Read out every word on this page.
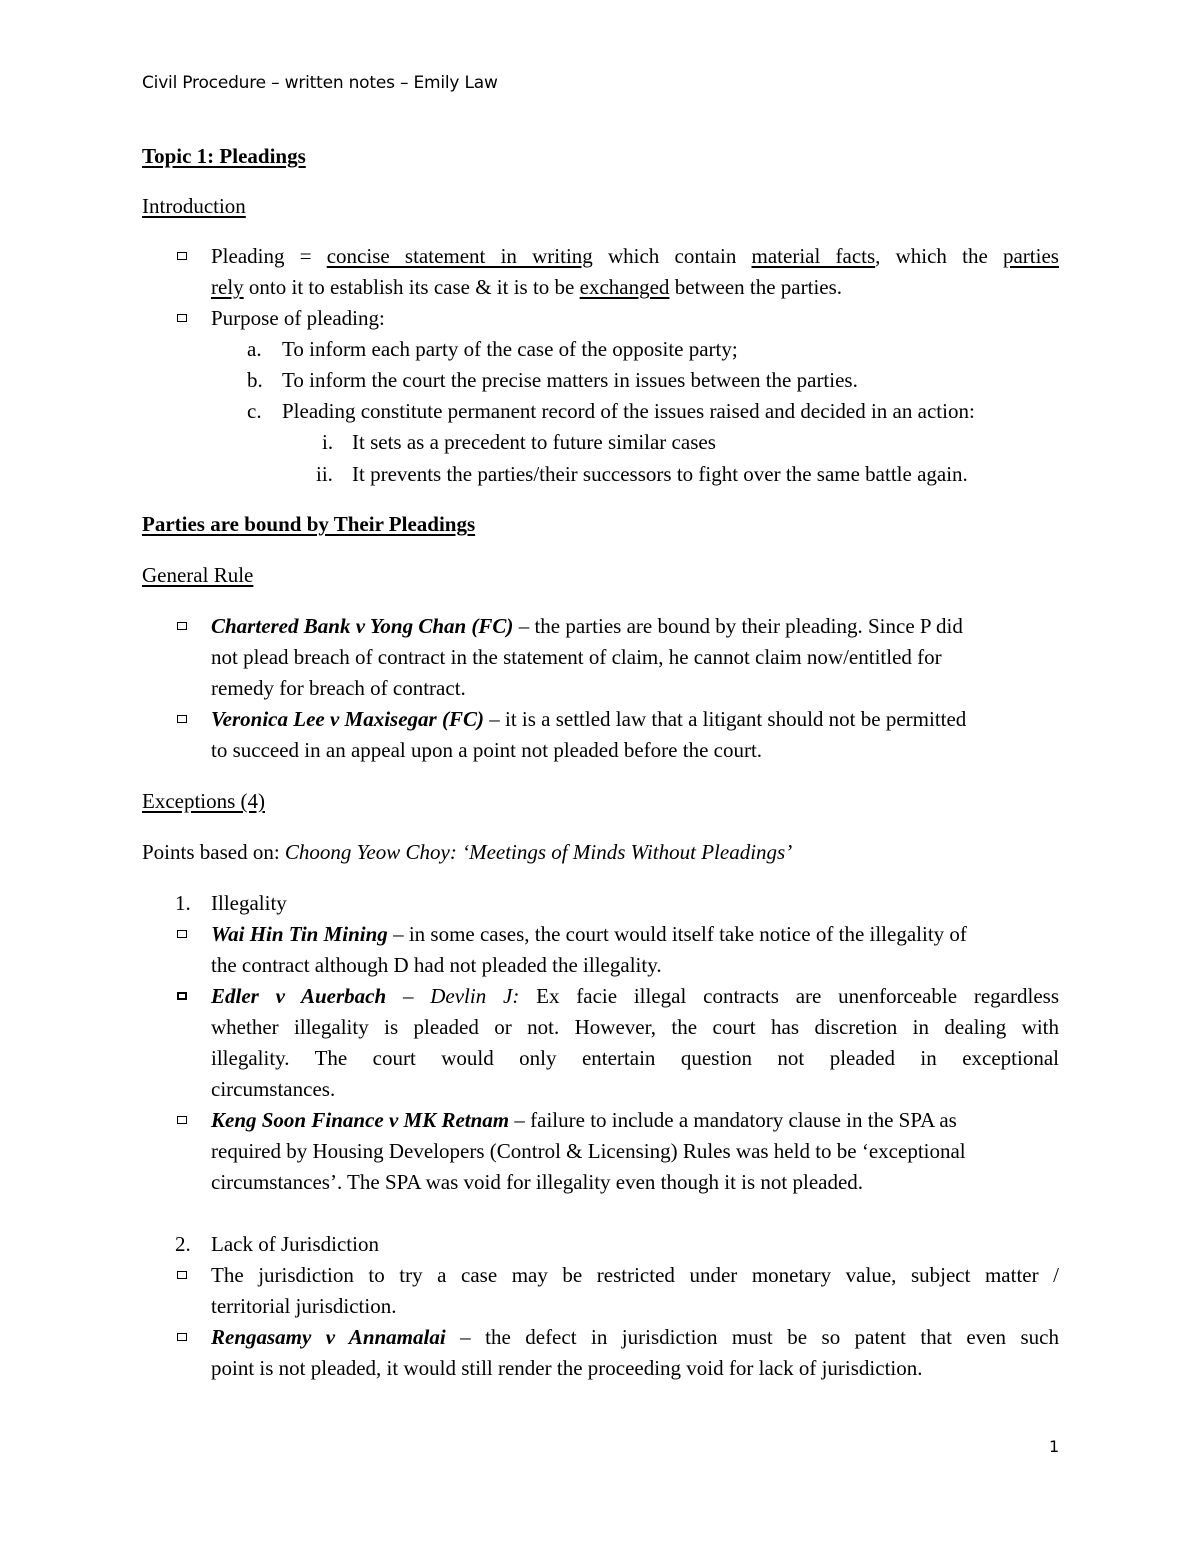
Civil Procedure – written notes – Emily Law
Topic 1: Pleadings
Introduction
Pleading = concise statement in writing which contain material facts, which the parties
rely onto it to establish its case & it is to be exchanged between the parties.
Purpose of pleading:
a. To inform each party of the case of the opposite party;
b. To inform the court the precise matters in issues between the parties.
c. Pleading constitute permanent record of the issues raised and decided in an action:
i. It sets as a precedent to future similar cases
ii. It prevents the parties/their successors to fight over the same battle again.
Parties are bound by Their Pleadings
General Rule
Chartered Bank v Yong Chan (FC) – the parties are bound by their pleading. Since P did
not plead breach of contract in the statement of claim, he cannot claim now/entitled for
remedy for breach of contract.
Veronica Lee v Maxisegar (FC) – it is a settled law that a litigant should not be permitted
to succeed in an appeal upon a point not pleaded before the court.
Exceptions (4)
Points based on: Choong Yeow Choy: ‘Meetings of Minds Without Pleadings’
1. Illegality
Wai Hin Tin Mining – in some cases, the court would itself take notice of the illegality of
the contract although D had not pleaded the illegality.
Edler v Auerbach – Devlin J: Ex facie illegal contracts are unenforceable regardless
whether illegality is pleaded or not. However, the court has discretion in dealing with
illegality. The court would only entertain question not pleaded in exceptional
circumstances.
Keng Soon Finance v MK Retnam – failure to include a mandatory clause in the SPA as
required by Housing Developers (Control & Licensing) Rules was held to be ‘exceptional
circumstances’. The SPA was void for illegality even though it is not pleaded.
2. Lack of Jurisdiction
The jurisdiction to try a case may be restricted under monetary value, subject matter /
territorial jurisdiction.
Rengasamy v Annamalai – the defect in jurisdiction must be so patent that even such
point is not pleaded, it would still render the proceeding void for lack of jurisdiction.
1
